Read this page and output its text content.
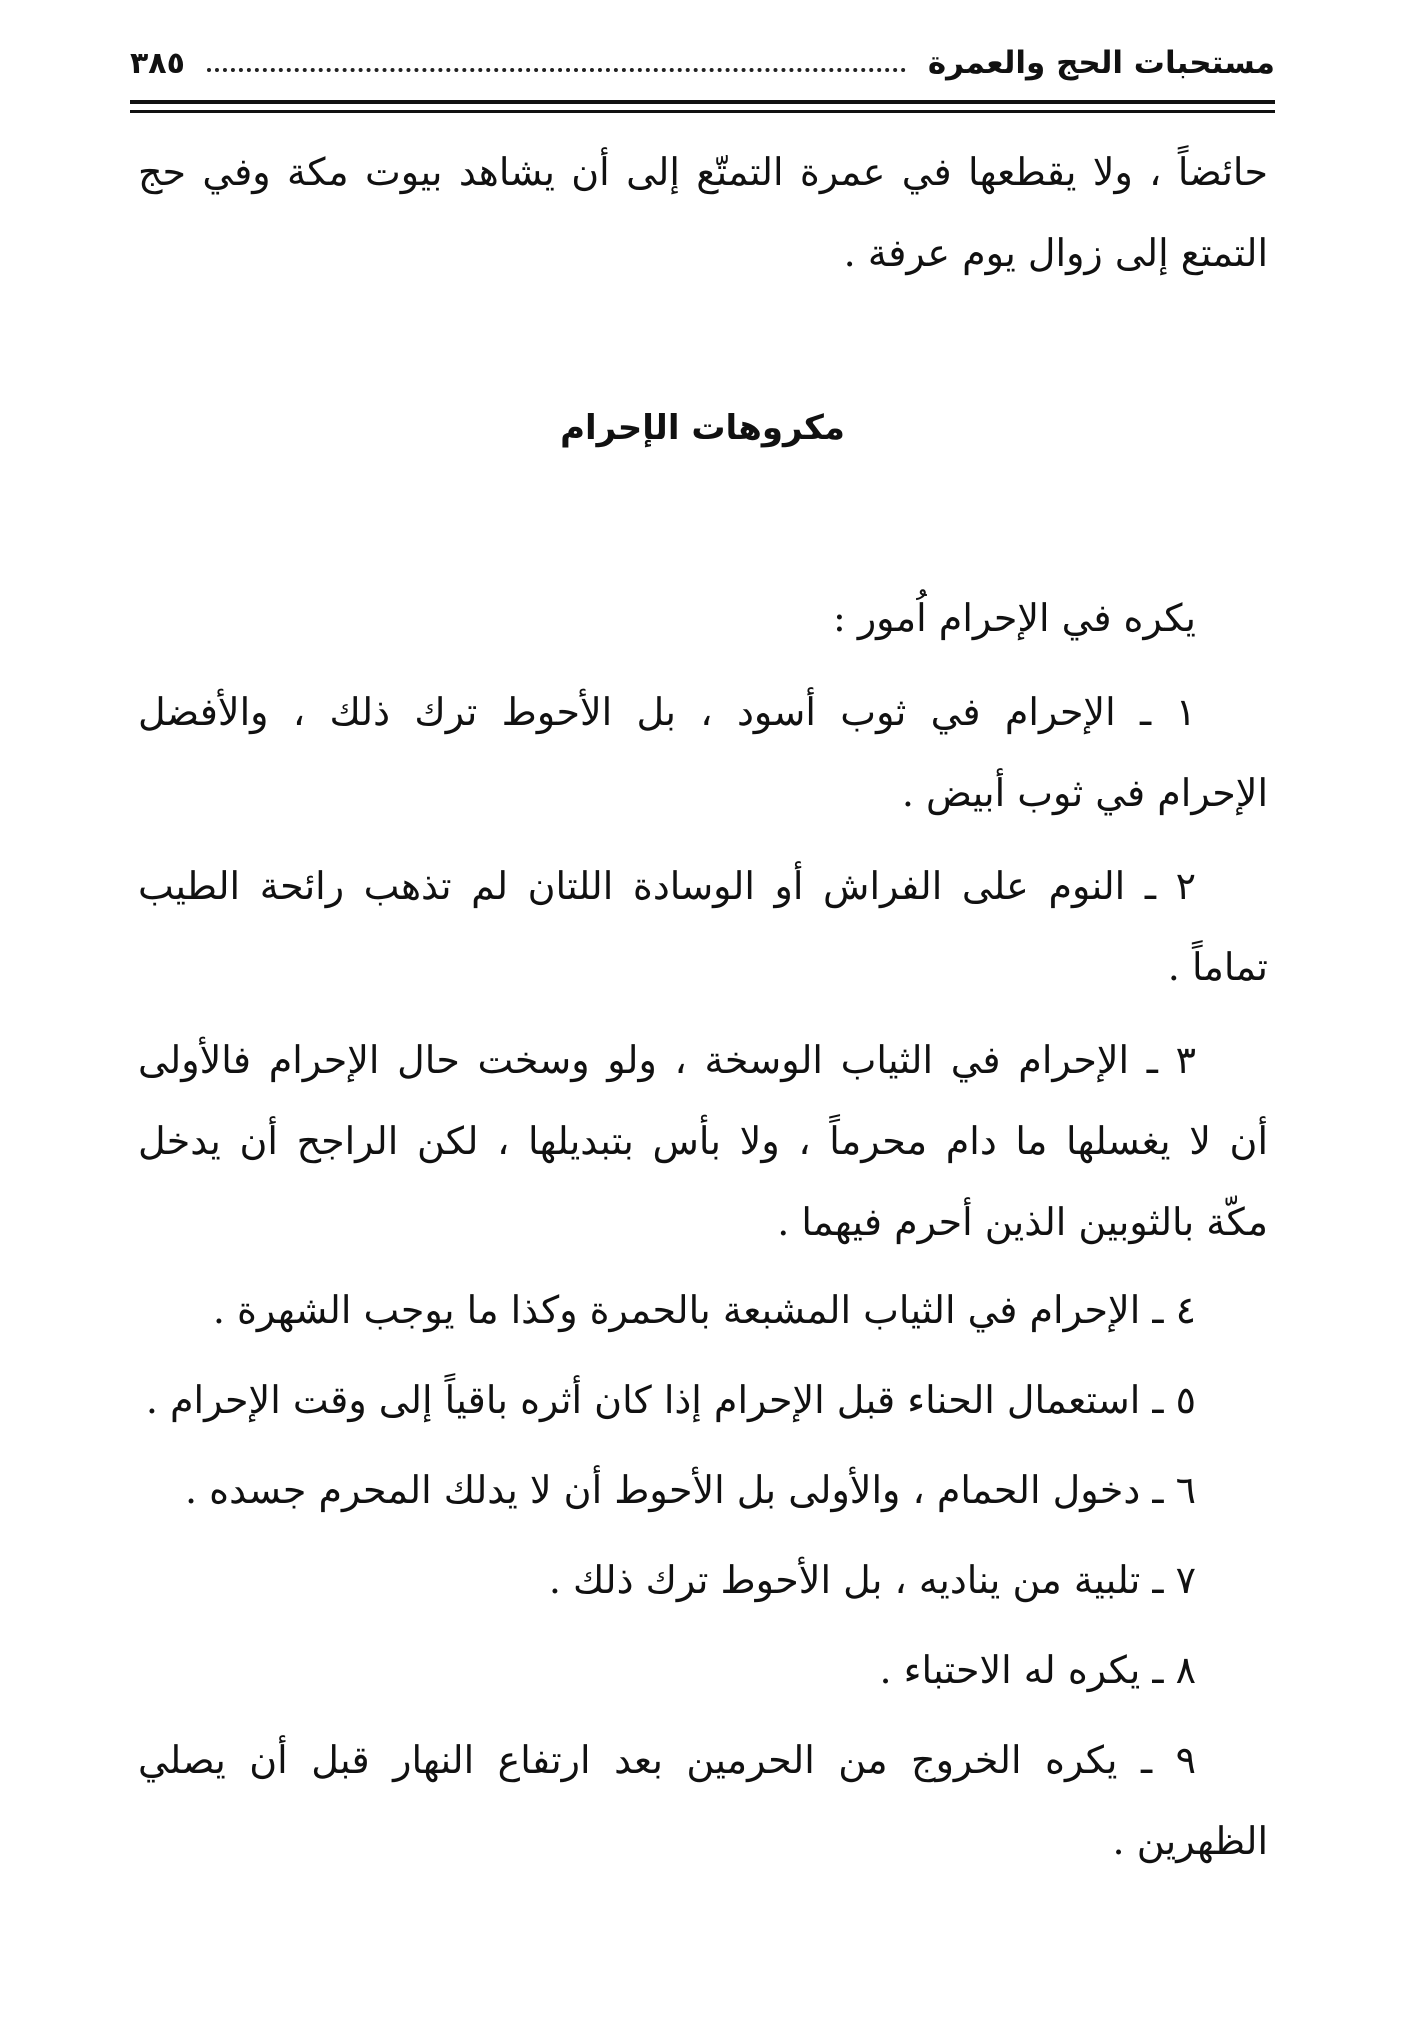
مستحبات الحج والعمرة
٣٨٥
حائضاً ، ولا يقطعها في عمرة التمتّع إلى أن يشاهد بيوت مكة وفي حج
التمتع إلى زوال يوم عرفة .
مكروهات الإحرام
يكره في الإحرام اُمور :
١ ـ الإحرام في ثوب أسود ، بل الأحوط ترك ذلك ، والأفضل
الإحرام في ثوب أبيض .
٢ ـ النوم على الفراش أو الوسادة اللتان لم تذهب رائحة الطيب
تماماً .
٣ ـ الإحرام في الثياب الوسخة ، ولو وسخت حال الإحرام فالأولى
أن لا يغسلها ما دام محرماً ، ولا بأس بتبديلها ، لكن الراجح أن يدخل
مكّة بالثوبين الذين أحرم فيهما .
٤ ـ الإحرام في الثياب المشبعة بالحمرة وكذا ما يوجب الشهرة .
٥ ـ استعمال الحناء قبل الإحرام إذا كان أثره باقياً إلى وقت الإحرام .
٦ ـ دخول الحمام ، والأولى بل الأحوط أن لا يدلك المحرم جسده .
٧ ـ تلبية من يناديه ، بل الأحوط ترك ذلك .
٨ ـ يكره له الاحتباء .
٩ ـ يكره الخروج من الحرمين بعد ارتفاع النهار قبل أن يصلي
الظهرين .
